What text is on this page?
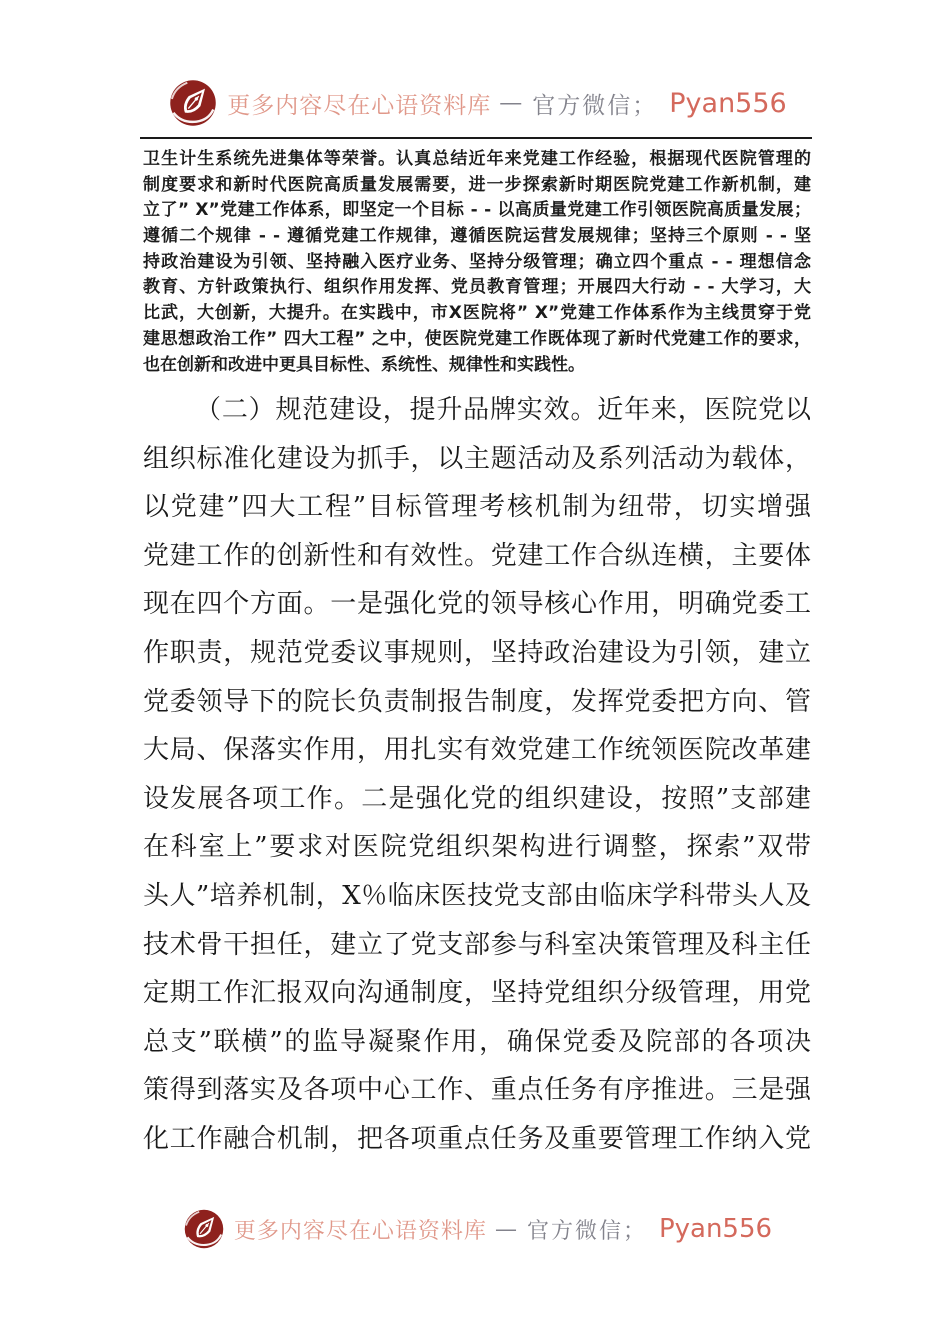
更多内容尽在心语资料库 — 官方微信； Pyan556
卫生计生系统先进集体等荣誉。认真总结近年来党建工作经验，根据现代医院管理的
制度要求和新时代医院高质量发展需要，进一步探索新时期医院党建工作新机制，建
立了” X”党建工作体系，即坚定一个目标 - - 以高质量党建工作引领医院高质量发展；
遵循二个规律 - - 遵循党建工作规律，遵循医院运营发展规律；坚持三个原则 - - 坚
持政治建设为引领、坚持融入医疗业务、坚持分级管理；确立四个重点 - - 理想信念
教育、方针政策执行、组织作用发挥、党员教育管理；开展四大行动 - - 大学习，大
比武，大创新，大提升。在实践中，市X医院将” X”党建工作体系作为主线贯穿于党
建思想政治工作” 四大工程” 之中，使医院党建工作既体现了新时代党建工作的要求，
也在创新和改进中更具目标性、系统性、规律性和实践性。
（二）规范建设，提升品牌实效。近年来，医院党以
组织标准化建设为抓手，以主题活动及系列活动为载体，
以党建”四大工程”目标管理考核机制为纽带，切实增强
党建工作的创新性和有效性。党建工作合纵连横，主要体
现在四个方面。一是强化党的领导核心作用，明确党委工
作职责，规范党委议事规则，坚持政治建设为引领，建立
党委领导下的院长负责制报告制度，发挥党委把方向、管
大局、保落实作用，用扎实有效党建工作统领医院改革建
设发展各项工作。二是强化党的组织建设，按照”支部建
在科室上”要求对医院党组织架构进行调整，探索”双带
头人”培养机制，X％临床医技党支部由临床学科带头人及
技术骨干担任，建立了党支部参与科室决策管理及科主任
定期工作汇报双向沟通制度，坚持党组织分级管理，用党
总支”联横”的监导凝聚作用，确保党委及院部的各项决
策得到落实及各项中心工作、重点任务有序推进。三是强
化工作融合机制，把各项重点任务及重要管理工作纳入党
更多内容尽在心语资料库 — 官方微信； Pyan556
